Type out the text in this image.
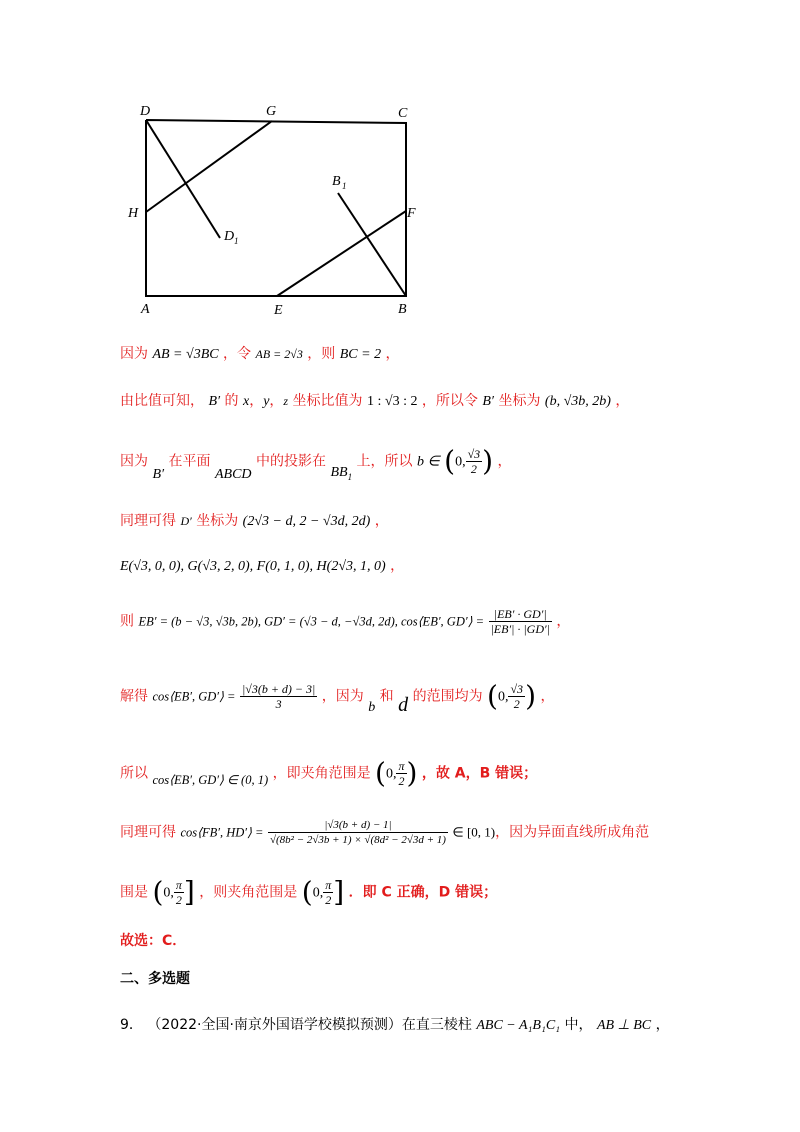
D	G	C
H
D 1
B 1
F
A	E	B
因为 AB = √3BC ，令 AB = 2√3 ，则 BC = 2 ，
由比值可知， B′ 的 x，y，z 坐标比值为 1 : √3 : 2 ，所以令 B′ 坐标为 (b, √3b, 2b) ，
因为 B′ 在平面 ABCD 中的投影在 $BB_1$ 上，所以 b ∈ (0, $\frac{√3}{2}$ ) ，
同理可得 D′ 坐标为 (2√3 − d, 2 − √3d, 2d) ，
E(√3, 0, 0), G(√3, 2, 0), F(0, 1, 0), H(2√3, 1, 0) ，
则 EB′ = (b − √3, √3b, 2b), GD′ = (√3 − d, −√3d, 2d), cos⟨EB′, GD′⟩ = $\frac{|EB' \cdot GD'|}{|EB'| \cdot |GD'|}$ ，
解得 cos⟨EB′, GD′⟩ = $\frac{|√3(b + d) - 3|}{3}$ ，因为 b 和 d 的范围均为 (0, $\frac{√3}{2}$ ) ，
所以 cos⟨EB′, GD′⟩ ∈ (0, 1) ，即夹角范围是 (0, $\frac{\pi}{2}$ ) ，故 A，B 错误；
同理可得 cos⟨FB′, HD′⟩ = $\frac{|√3(b + d) - 1|}{\text{√(8b² − 2√3b + 1) × √(8d² − 2√3d + 1)}}$ ∈ [0, 1)，因为异面直线所成角范
围是 (0, $\frac{\pi}{2}$ ] ，则夹角范围是 (0, $\frac{\pi}{2}$ ] ．即 C 正确，D 错误；
故选：C．
二、多选题
9． （2022·全国·南京外国语学校模拟预测）在直三棱柱 ABC − A₁B₁C₁ 中， AB ⊥ BC ，
